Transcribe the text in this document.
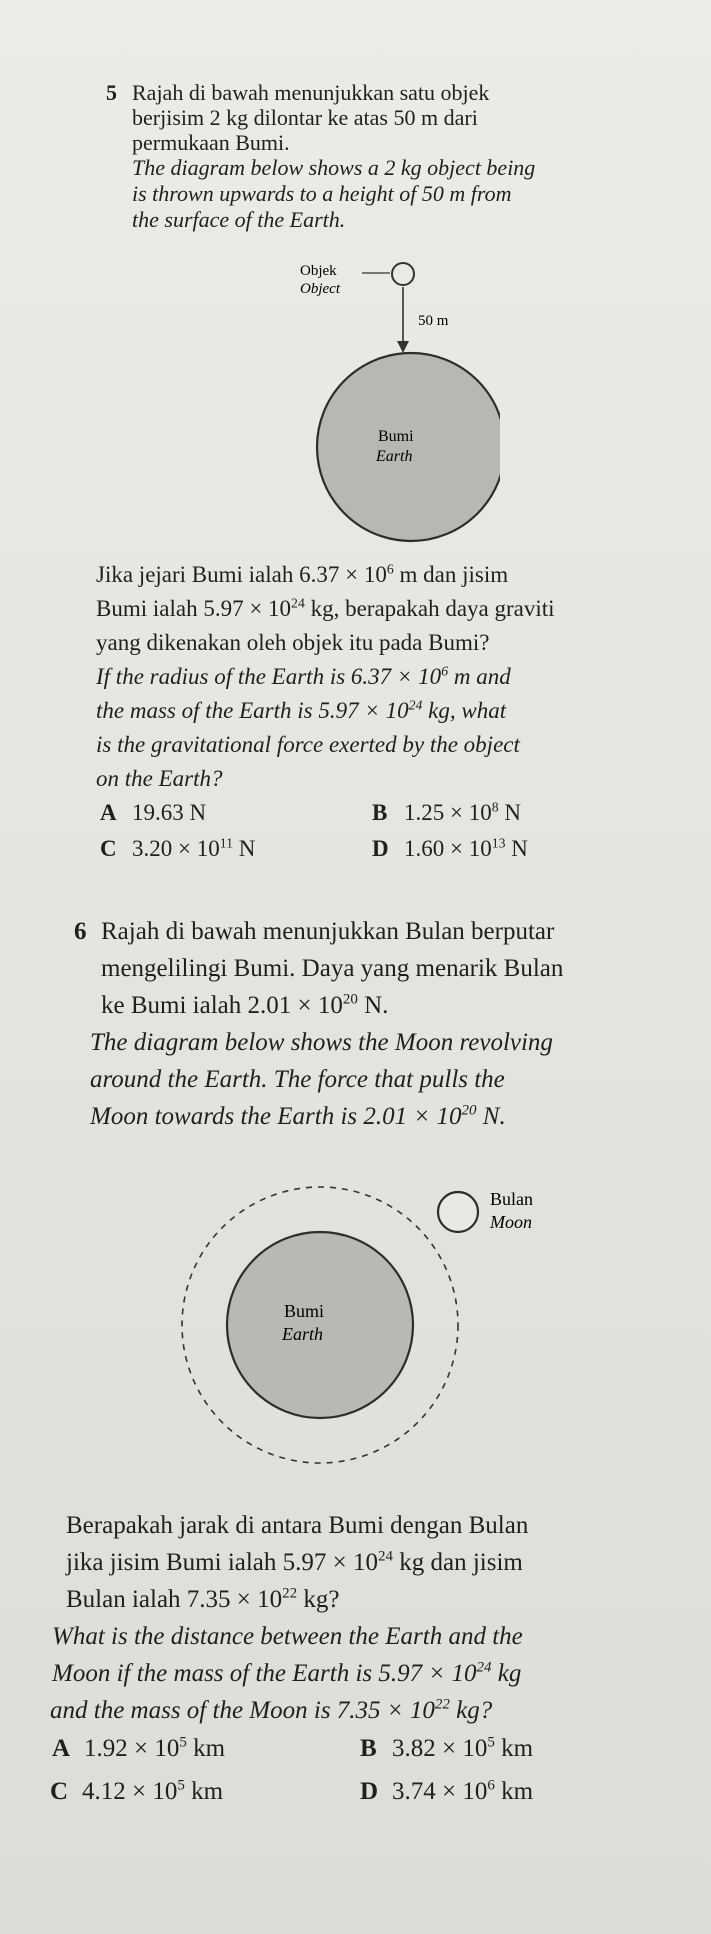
5 Rajah di bawah menunjukkan satu objek
berjisim 2 kg dilontar ke atas 50 m dari
permukaan Bumi.
The diagram below shows a 2 kg object being
is thrown upwards to a height of 50 m from
the surface of the Earth.
Objek
Object
50 m
Bumi
Earth
Jika jejari Bumi ialah $6.37 \times 10^6$ m dan jisim
Bumi ialah $5.97 \times 10^{24}$ kg, berapakah daya graviti
yang dikenakan oleh objek itu pada Bumi?
If the radius of the Earth is $6.37 \times 10^6$ m and
the mass of the Earth is $5.97 \times 10^{24}$ kg, what
is the gravitational force exerted by the object
on the Earth?
A 19.63 N	B $1.25 \times 10^8$ N
C $3.20 \times 10^{11}$ N	D $1.60 \times 10^{13}$ N
6 Rajah di bawah menunjukkan Bulan berputar
mengelilingi Bumi. Daya yang menarik Bulan
ke Bumi ialah $2.01 \times 10^{20}$ N.
The diagram below shows the Moon revolving
around the Earth. The force that pulls the
Moon towards the Earth is $2.01 \times 10^{20}$ N.
Bumi
Earth
Bulan
Moon
Berapakah jarak di antara Bumi dengan Bulan
jika jisim Bumi ialah $5.97 \times 10^{24}$ kg dan jisim
Bulan ialah $7.35 \times 10^{22}$ kg?
What is the distance between the Earth and the
Moon if the mass of the Earth is $5.97 \times 10^{24}$ kg
and the mass of the Moon is $7.35 \times 10^{22}$ kg?
A $1.92 \times 10^5$ km	B $3.82 \times 10^5$ km
C $4.12 \times 10^5$ km	D $3.74 \times 10^6$ km
